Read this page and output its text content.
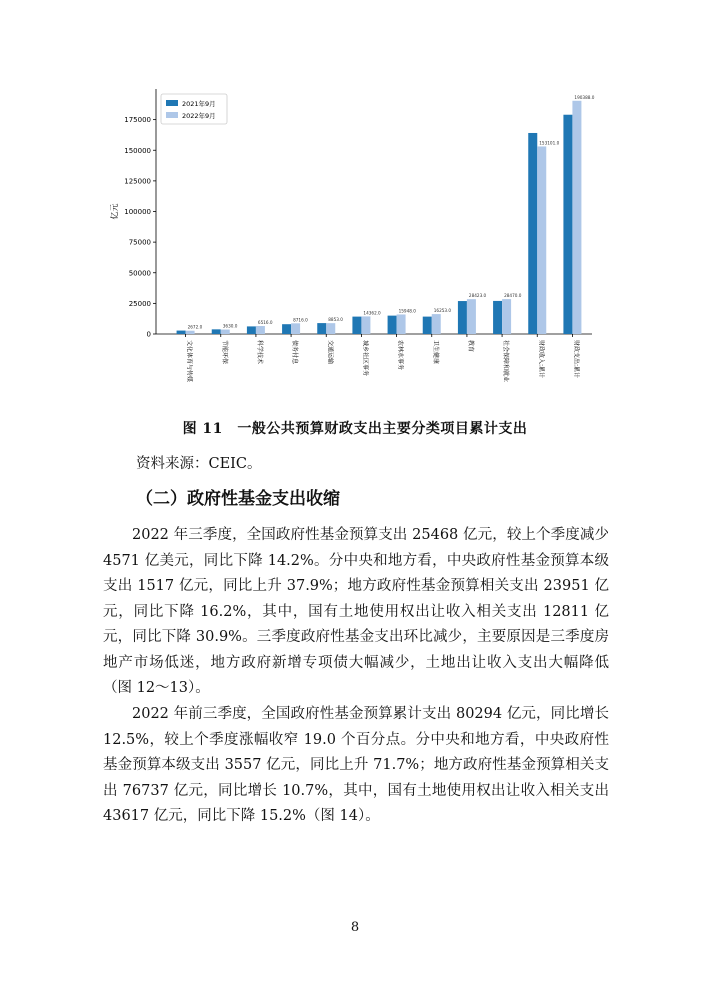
0
25000
50000
75000
100000
125000
150000
175000
亿元
2672.0
文化体育与传媒
3630.0
节能环保
6516.0
科学技术
8716.0
债务付息
8853.0
交通运输
14362.0
城乡社区事务
15948.0
农林水事务
16253.0
卫生健康
28423.0
教育
28470.0
社会保障和就业
153101.0
财政收入:累计
190388.0
财政支出:累计
2021年9月
2022年9月
图 11　一般公共预算财政支出主要分类项目累计支出
资料来源：CEIC。
（二）政府性基金支出收缩

2022 年三季度，全国政府性基金预算支出 25468 亿元，较上个季度减少 4571 亿美元，同比下降 14.2%。分中央和地方看，中央政府性基金预算本级支出 1517 亿元，同比上升 37.9%；地方政府性基金预算相关支出 23951 亿元，同比下降 16.2%，其中，国有土地使用权出让收入相关支出 12811 亿元，同比下降 30.9%。三季度政府性基金支出环比减少，主要原因是三季度房地产市场低迷，地方政府新增专项债大幅减少，土地出让收入支出大幅降低（图 12～13）。

2022 年前三季度，全国政府性基金预算累计支出 80294 亿元，同比增长 12.5%，较上个季度涨幅收窄 19.0 个百分点。分中央和地方看，中央政府性基金预算本级支出 3557 亿元，同比上升 71.7%；地方政府性基金预算相关支出 76737 亿元，同比增长 10.7%，其中，国有土地使用权出让收入相关支出 43617 亿元，同比下降 15.2%（图 14）。

8
